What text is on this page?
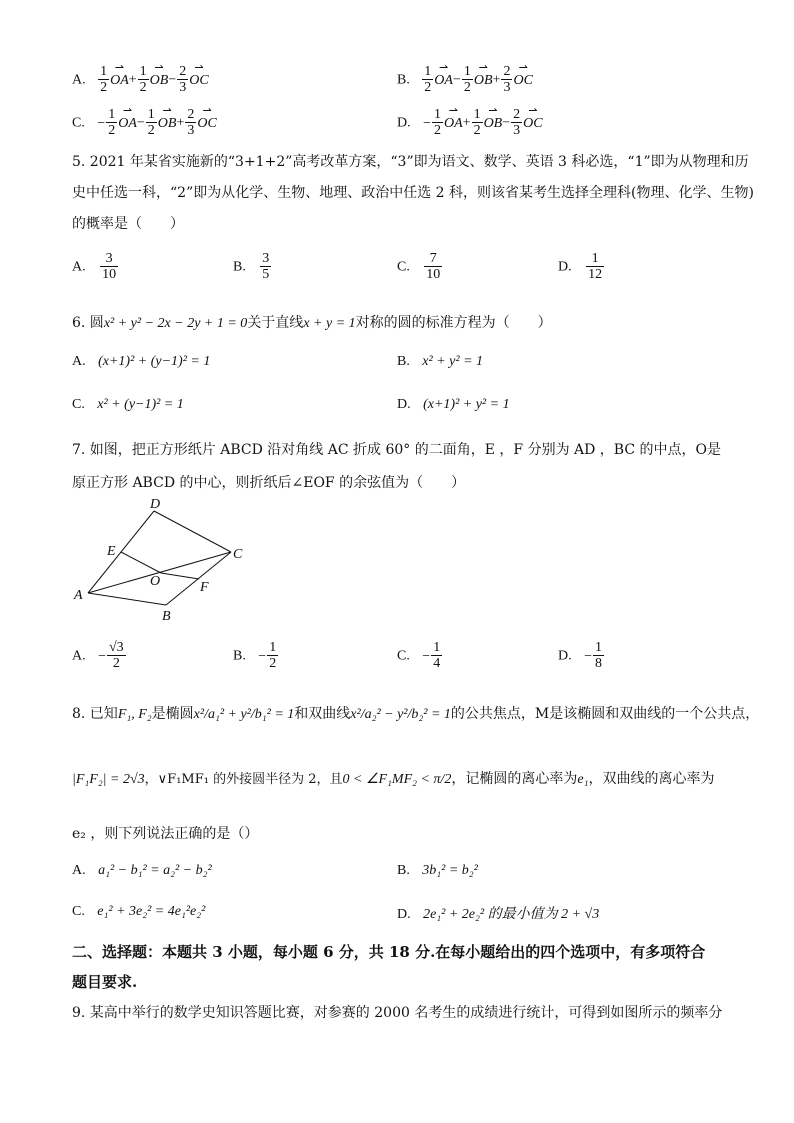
A. $\frac{1}{2}$ ⇀ $OA+ \frac{1}{2}$ ⇀ $OB- \frac{2}{3}$ ⇀ OC	B. $\frac{1}{2}$ ⇀ $OA- \frac{1}{2}$ ⇀ $OB+ \frac{2}{3}$ ⇀ OC
C. − $\frac{1}{2}$ ⇀ $OA- \frac{1}{2}$ ⇀ $OB+ \frac{2}{3}$ ⇀ OC	D. − $\frac{1}{2}$ ⇀ $OA+ \frac{1}{2}$ ⇀ $OB- \frac{2}{3}$ ⇀ OC
5. 2021 年某省实施新的“3+1+2”高考改革方案，“3”即为语文、数学、英语 3 科必选，“1”即为从物理和历
史中任选一科，“2”即为从化学、生物、地理、政治中任选 2 科，则该省某考生选择全理科(物理、化学、生物)
的概率是（　　）
A. $\frac{3}{10}$	B. $\frac{3}{5}$	C. $\frac{7}{10}$	D. $\frac{1}{12}$
6. 圆x² + y² − 2x − 2y + 1 = 0关于直线x + y = 1对称的圆的标准方程为（　　）
A. (x+1)² + (y−1)² = 1	B. x² + y² = 1
C. x² + (y−1)² = 1	D. (x+1)² + y² = 1
7. 如图，把正方形纸片 ABCD 沿对角线 AC 折成 60° 的二面角，E ，F 分别为 AD ，BC 的中点，O是
原正方形 ABCD 的中心，则折纸后∠EOF 的余弦值为（　　）
D
E	C
O	F
A
B
A. − $\frac{√3}{2}$	B. − $\frac{1}{2}$	C. − $\frac{1}{4}$	D. − $\frac{1}{8}$
8. 已知F₁, F₂是椭圆x²/a₁² + y²/b₁² = 1和双曲线x²/a₂² − y²/b₂² = 1的公共焦点，M是该椭圆和双曲线的一个公共点，
|F₁F₂| = 2√3，∨F₁MF₁ 的外接圆半径为 2，且0 < ∠F₁MF₂ < π/2，记椭圆的离心率为e₁，双曲线的离心率为
e₂ ，则下列说法正确的是（）
A. a₁² − b₁² = a₂² − b₂²	B. 3b₁² = b₂²
C. e₁² + 3e₂² = 4e₁²e₂²	D. 2e₁² + 2e₂² 的最小值为 2 + √3
二、选择题：本题共 3 小题，每小题 6 分，共 18 分.在每小题给出的四个选项中，有多项符合
题目要求.
9. 某高中举行的数学史知识答题比赛，对参赛的 2000 名考生的成绩进行统计，可得到如图所示的频率分
